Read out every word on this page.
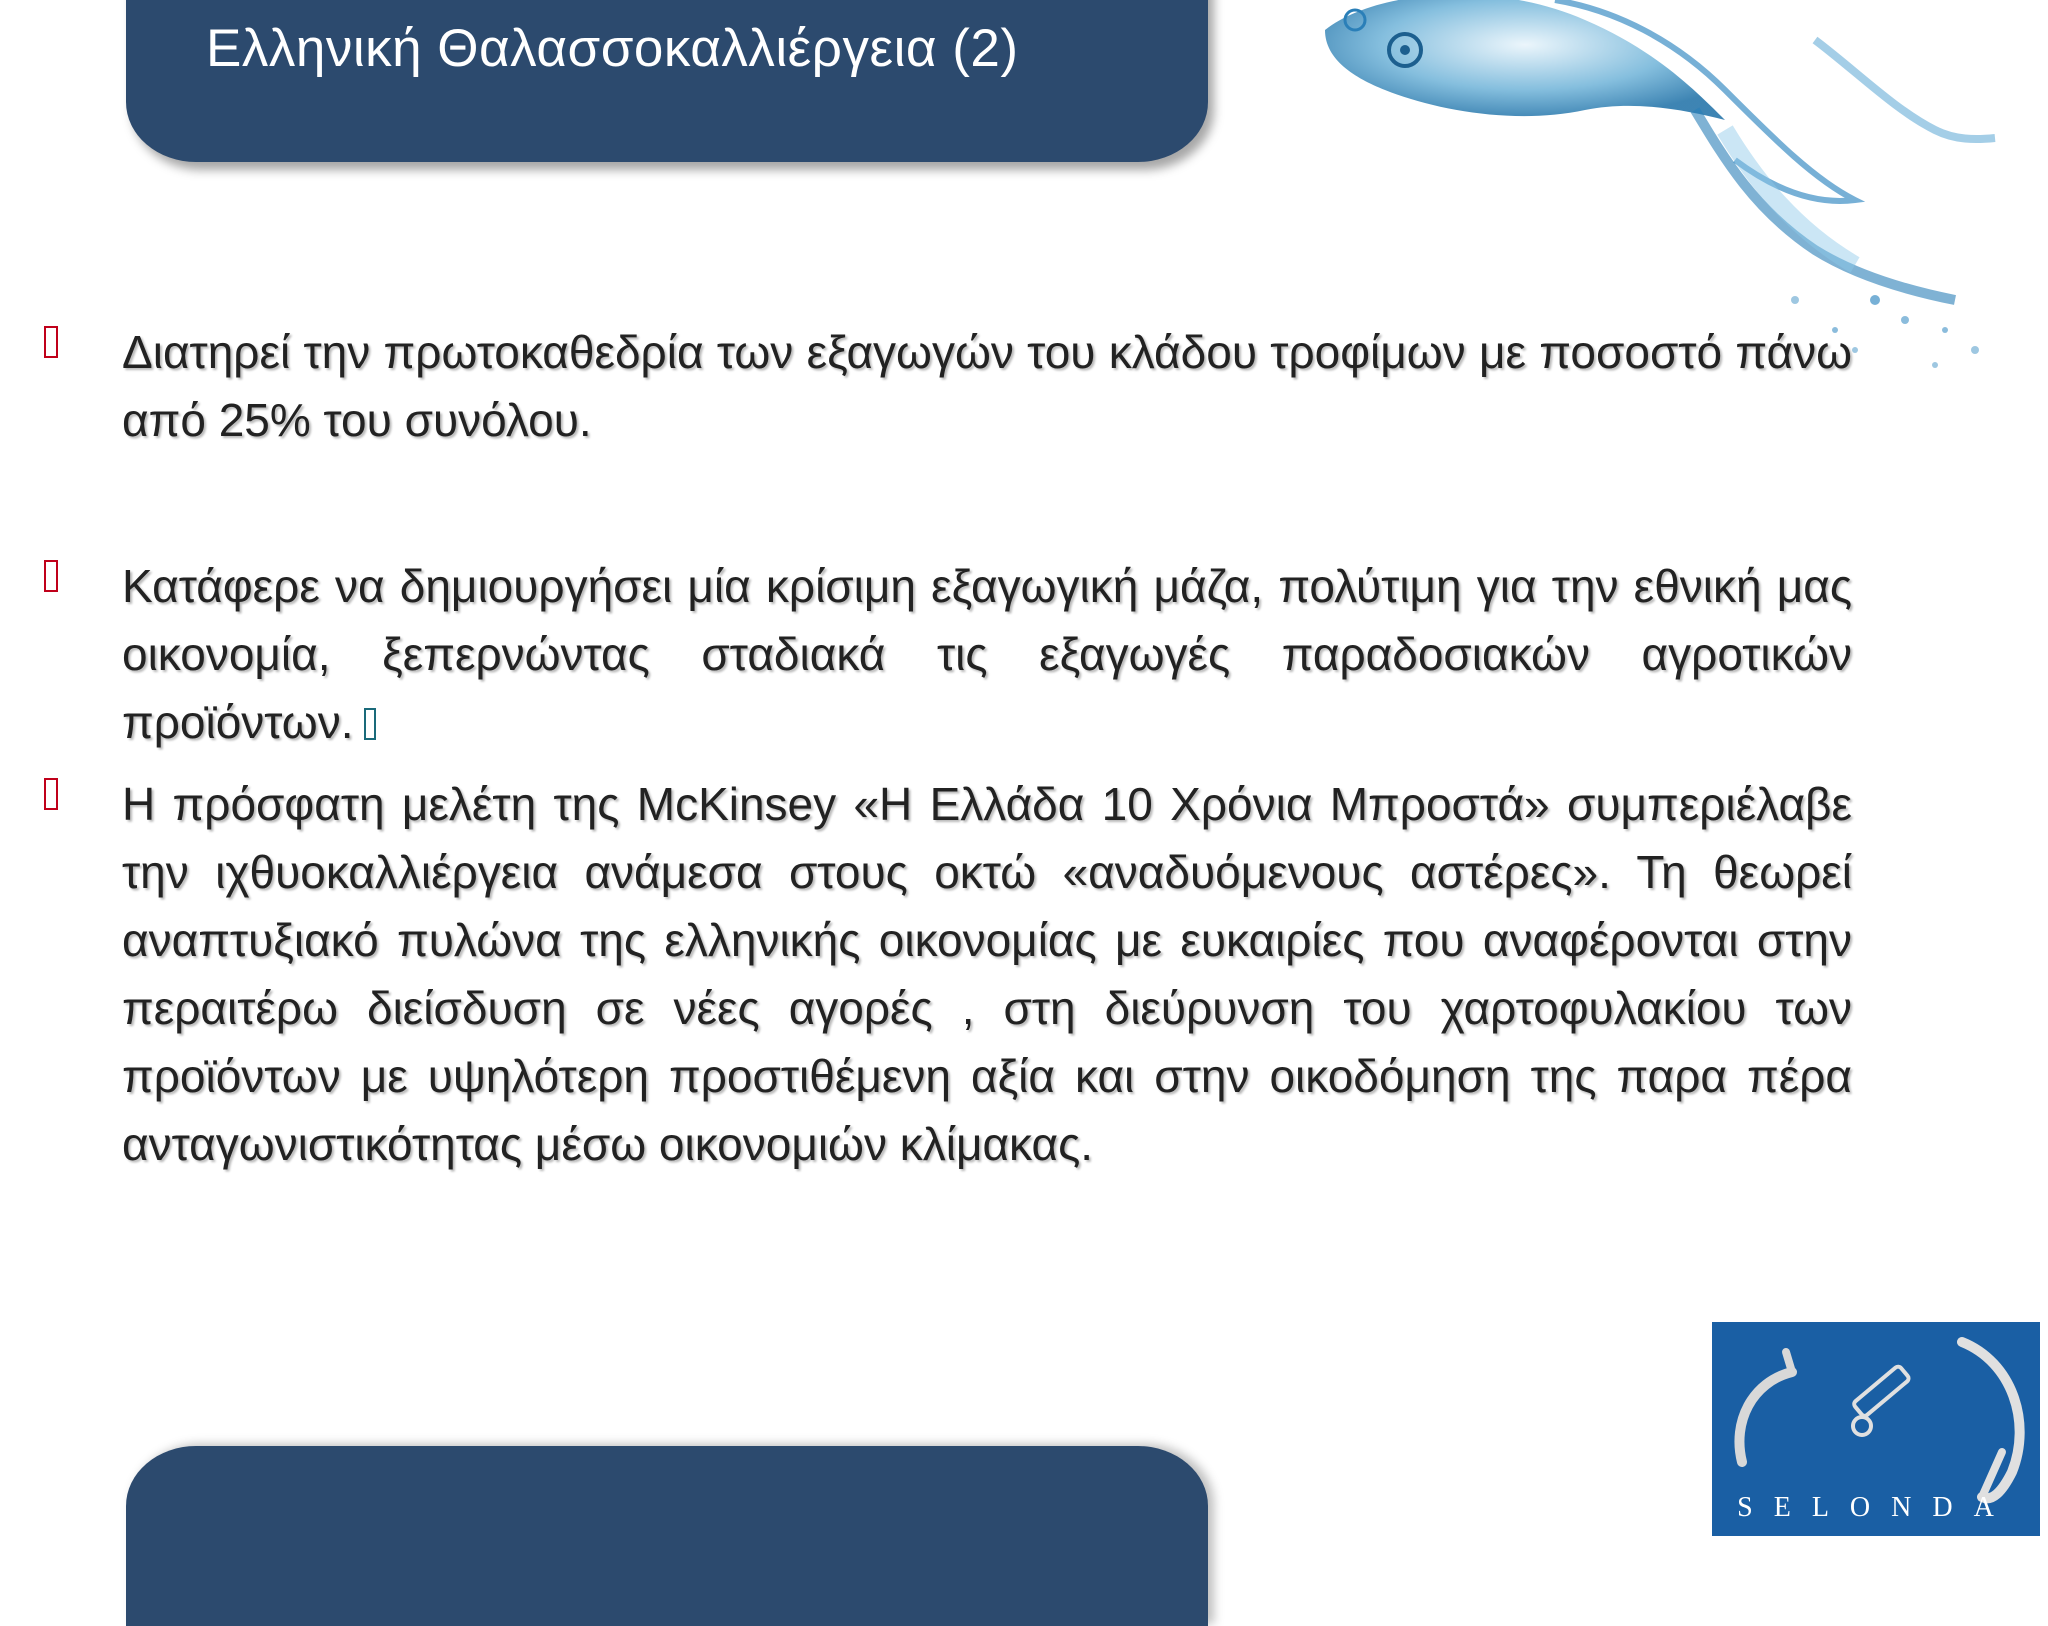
Ελληνική Θαλασσοκαλλιέργεια (2)
Διατηρεί την πρωτοκαθεδρία των εξαγωγών του κλάδου τροφίμων με ποσοστό πάνω από 25% του συνόλου.
Κατάφερε να δημιουργήσει μία κρίσιμη εξαγωγική μάζα, πολύτιμη για την εθνική μας οικονομία, ξεπερνώντας σταδιακά τις εξαγωγές παραδοσιακών αγροτικών προϊόντων.
Η πρόσφατη μελέτη της McKinsey «Η Ελλάδα 10 Χρόνια Μπροστά» συμπεριέλαβε την ιχθυοκαλλιέργεια ανάμεσα στους οκτώ «αναδυόμενους αστέρες». Τη θεωρεί αναπτυξιακό πυλώνα της ελληνικής οικονομίας με ευκαιρίες που αναφέρονται στην περαιτέρω διείσδυση σε νέες αγορές , στη διεύρυνση του χαρτοφυλακίου των προϊόντων με υψηλότερη προστιθέμενη αξία και στην οικοδόμηση της παρα πέρα ανταγωνιστικότητας μέσω οικονομιών κλίμακας.
SELONDA
